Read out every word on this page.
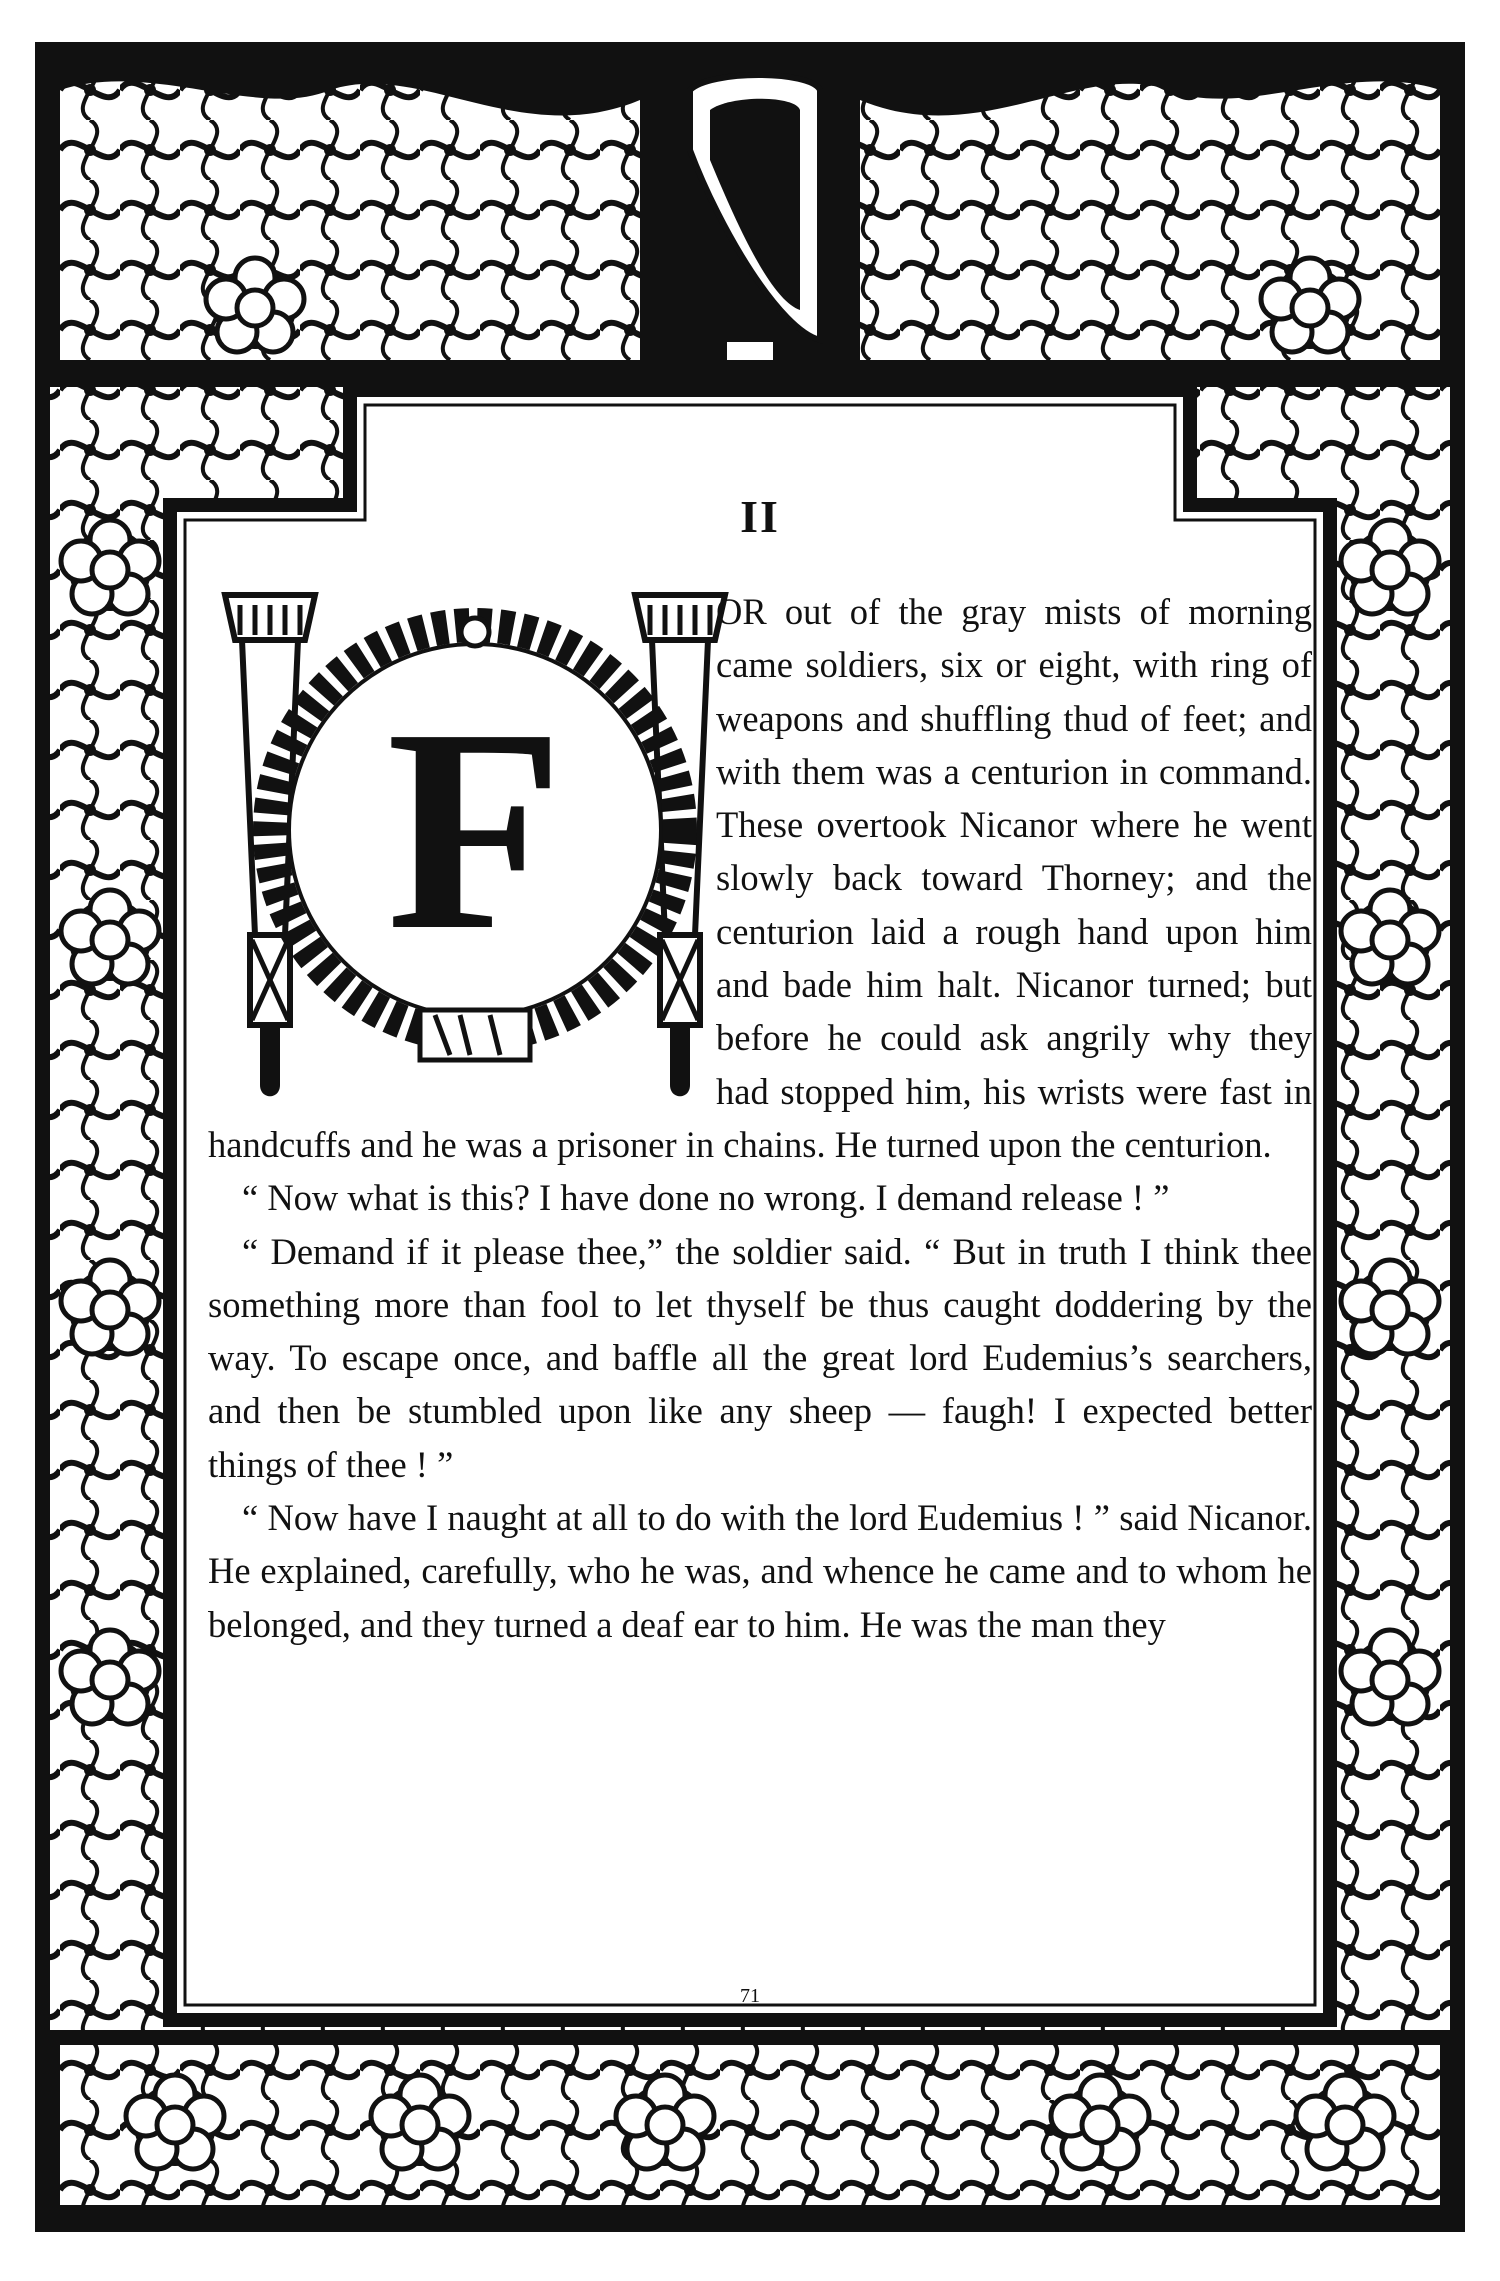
II
F

OR out of the gray mists of morning came soldiers, six or eight, with ring of weapons and shuffling thud of feet; and with them was a centurion in command. These overtook Nicanor where he went slowly back toward Thorney; and the centurion laid a rough hand upon him and bade him halt. Nicanor turned; but before he could ask angrily why they had stopped him, his wrists were fast in handcuffs and he was a prisoner in chains. He turned upon the centurion.

“ Now what is this? I have done no wrong. I demand release ! ”

“ Demand if it please thee,” the soldier said. “ But in truth I think thee something more than fool to let thyself be thus caught doddering by the way. To escape once, and baffle all the great lord Eudemius’s searchers, and then be stumbled upon like any sheep — faugh! I expected better things of thee ! ”

“ Now have I naught at all to do with the lord Eudemius ! ” said Nicanor. He explained, carefully, who he was, and whence he came and to whom he belonged, and they turned a deaf ear to him. He was the man they

71
